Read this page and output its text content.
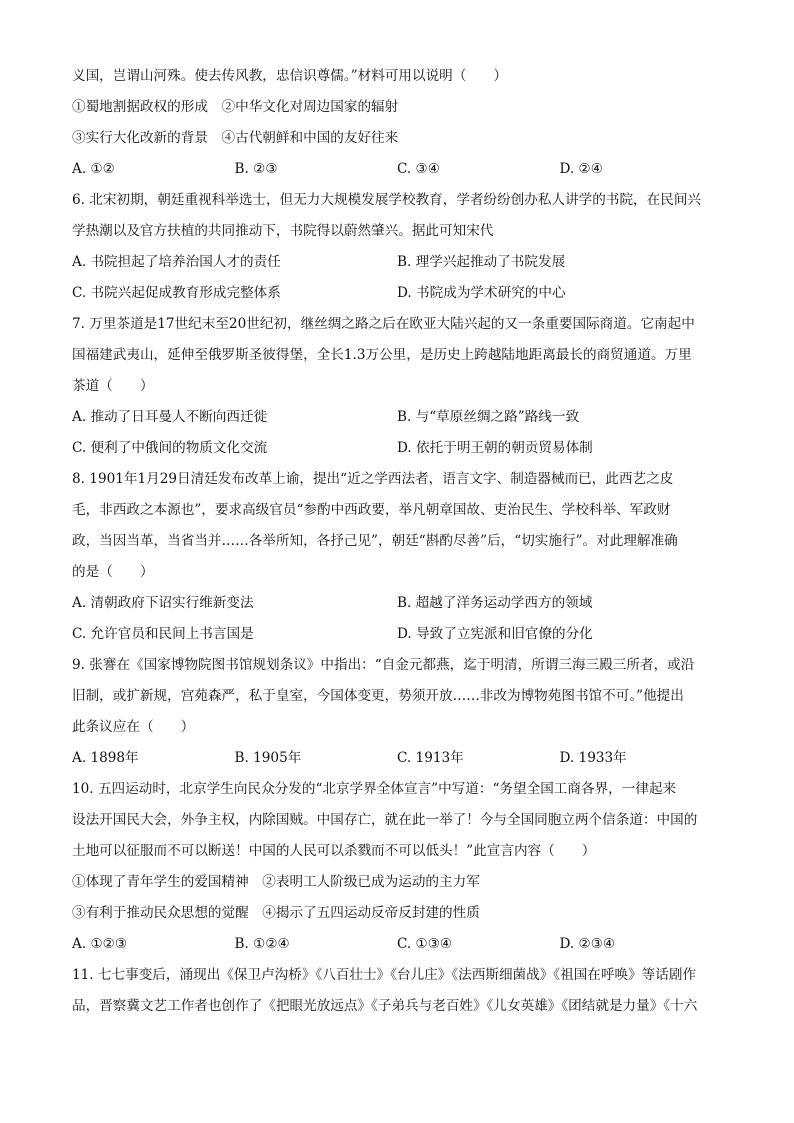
义国，岂谓山河殊。使去传风教，忠信识尊儒。”材料可用以说明（　　）
①蜀地割据政权的形成　②中华文化对周边国家的辐射
③实行大化改新的背景　④古代朝鲜和中国的友好往来
A. ①②	B. ②③	C. ③④	D. ②④
6. 北宋初期，朝廷重视科举选士，但无力大规模发展学校教育，学者纷纷创办私人讲学的书院，在民间兴
学热潮以及官方扶植的共同推动下，书院得以蔚然肇兴。据此可知宋代
A. 书院担起了培养治国人才的责任	B. 理学兴起推动了书院发展
C. 书院兴起促成教育形成完整体系	D. 书院成为学术研究的中心
7. 万里茶道是17世纪末至20世纪初，继丝绸之路之后在欧亚大陆兴起的又一条重要国际商道。它南起中
国福建武夷山，延伸至俄罗斯圣彼得堡，全长1.3万公里，是历史上跨越陆地距离最长的商贸通道。万里
茶道（　　）
A. 推动了日耳曼人不断向西迁徙	B. 与“草原丝绸之路”路线一致
C. 便利了中俄间的物质文化交流	D. 依托于明王朝的朝贡贸易体制
8. 1901年1月29日清廷发布改革上谕，提出“近之学西法者，语言文字、制造器械而已，此西艺之皮
毛，非西政之本源也”，要求高级官员“参酌中西政要，举凡朝章国故、吏治民生、学校科举、军政财
政，当因当革，当省当并……各举所知，各抒己见”，朝廷“斟酌尽善”后，“切实施行”。对此理解准确
的是（　　）
A. 清朝政府下诏实行维新变法	B. 超越了洋务运动学西方的领域
C. 允许官员和民间上书言国是	D. 导致了立宪派和旧官僚的分化
9. 张謇在《国家博物院图书馆规划条议》中指出：“自金元都燕，迄于明清，所谓三海三殿三所者，或沿
旧制，或扩新规，宫苑森严，私于皇室，今国体变更，势须开放……非改为博物苑图书馆不可。”他提出
此条议应在（　　）
A. 1898年	B. 1905年	C. 1913年	D. 1933年
10. 五四运动时，北京学生向民众分发的“北京学界全体宣言”中写道：“务望全国工商各界，一律起来
设法开国民大会，外争主权，内除国贼。中国存亡，就在此一举了！今与全国同胞立两个信条道：中国的
土地可以征服而不可以断送！中国的人民可以杀戮而不可以低头！”此宣言内容（　　）
①体现了青年学生的爱国精神　②表明工人阶级已成为运动的主力军
③有利于推动民众思想的觉醒　④揭示了五四运动反帝反封建的性质
A. ①②③	B. ①②④	C. ①③④	D. ②③④
11. 七七事变后，涌现出《保卫卢沟桥》《八百壮士》《台儿庄》《法西斯细菌战》《祖国在呼唤》等话剧作
品，晋察冀文艺工作者也创作了《把眼光放远点》《子弟兵与老百姓》《儿女英雄》《团结就是力量》《十六
